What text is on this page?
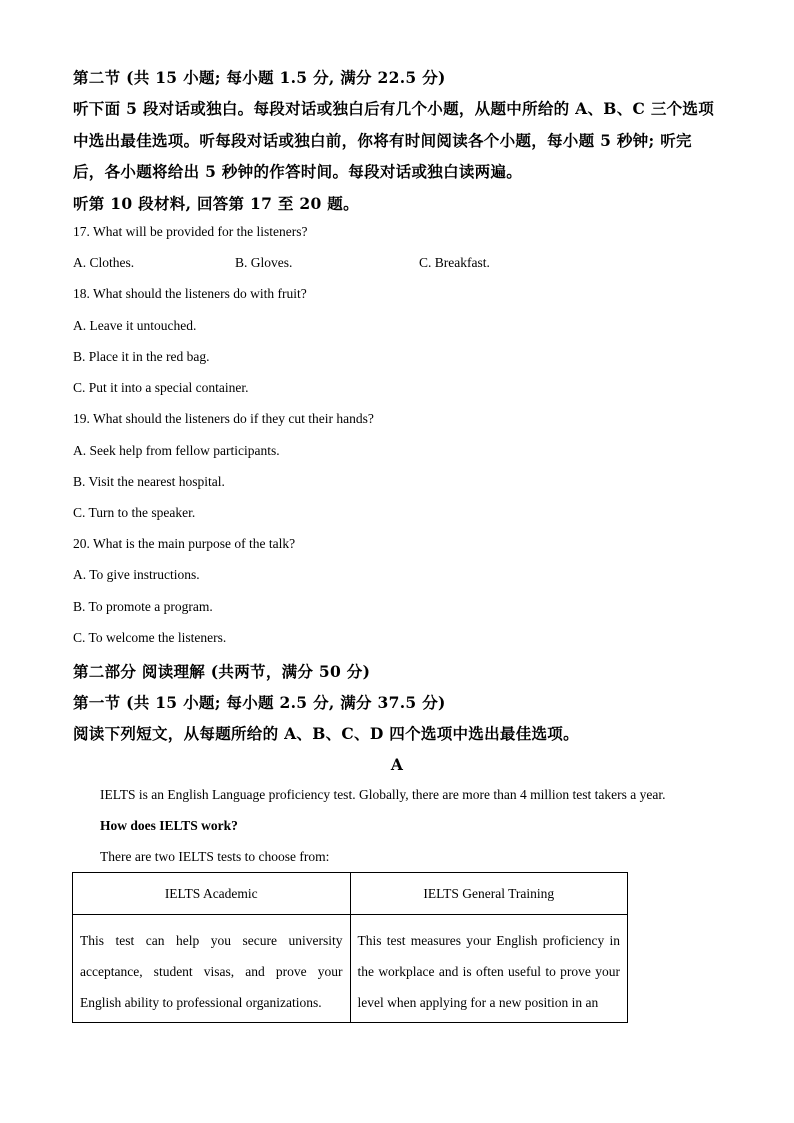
第二节 (共 15 小题; 每小题 1.5 分, 满分 22.5 分)
听下面 5 段对话或独白。每段对话或独白后有几个小题，从题中所给的 A、B、C 三个选项
中选出最佳选项。听每段对话或独白前，你将有时间阅读各个小题，每小题 5 秒钟; 听完
后，各小题将给出 5 秒钟的作答时间。每段对话或独白读两遍。
听第 10 段材料, 回答第 17 至 20 题。
17. What will be provided for the listeners?
A. Clothes.	B. Gloves.	C. Breakfast.
18. What should the listeners do with fruit?
A. Leave it untouched.
B. Place it in the red bag.
C. Put it into a special container.
19. What should the listeners do if they cut their hands?
A. Seek help from fellow participants.
B. Visit the nearest hospital.
C. Turn to the speaker.
20. What is the main purpose of the talk?
A. To give instructions.
B. To promote a program.
C. To welcome the listeners.
第二部分 阅读理解 (共两节，满分 50 分)
第一节 (共 15 小题; 每小题 2.5 分, 满分 37.5 分)
阅读下列短文，从每题所给的 A、B、C、D 四个选项中选出最佳选项。
A
IELTS is an English Language proficiency test. Globally, there are more than 4 million test takers a year.
How does IELTS work?
There are two IELTS tests to choose from:
IELTS Academic	IELTS General Training
This test can help you secure university acceptance, student visas, and prove your English ability to professional organizations.	This test measures your English proficiency in the workplace and is often useful to prove your level when applying for a new position in an
